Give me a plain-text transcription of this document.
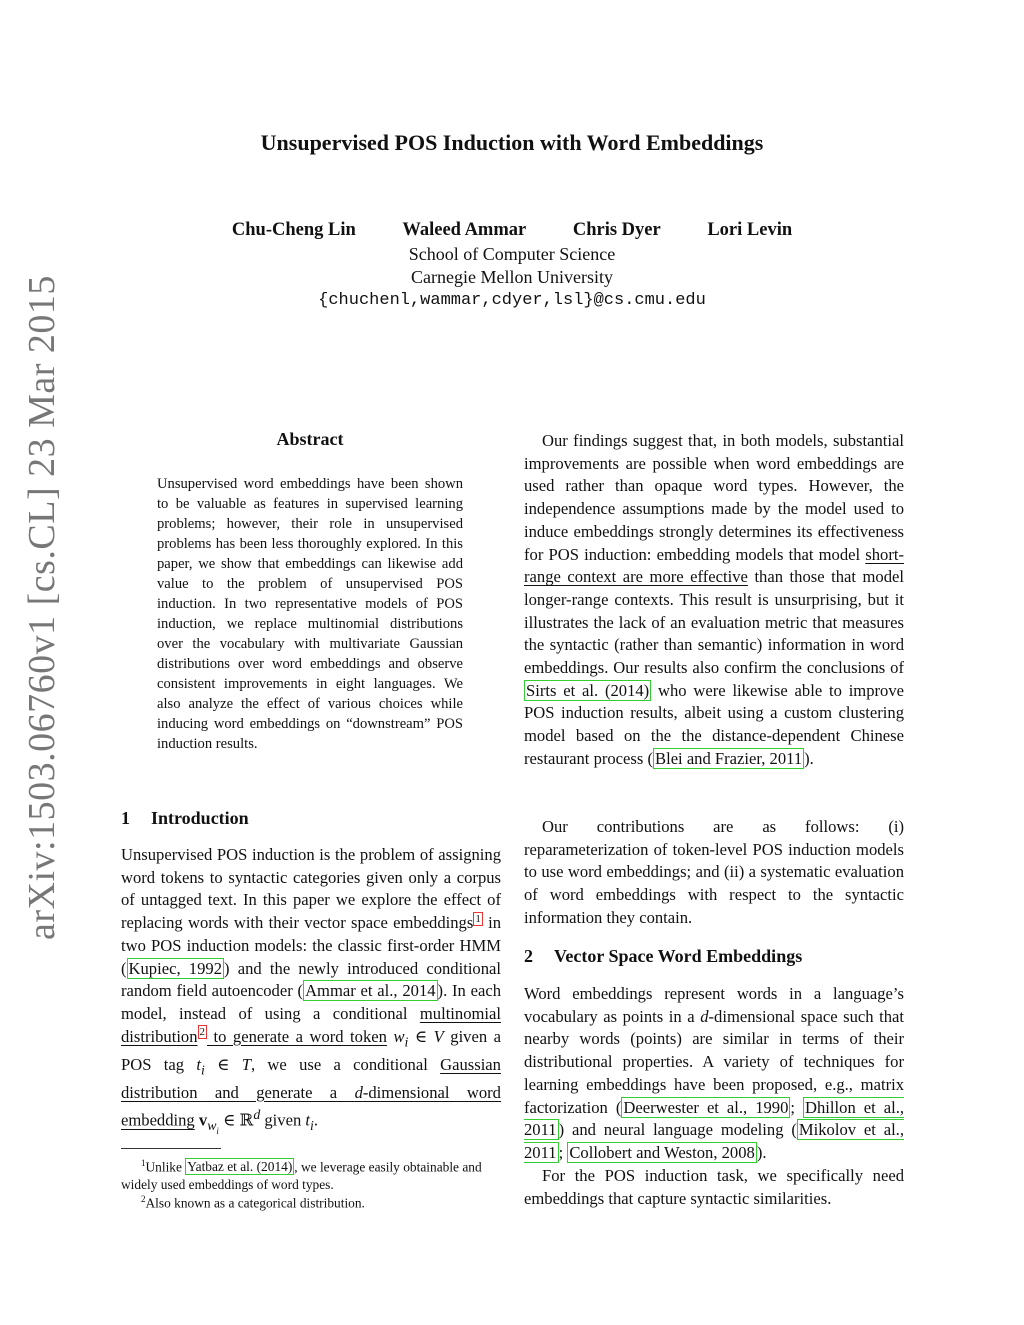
Unsupervised POS Induction with Word Embeddings
Chu-Cheng Lin	Waleed Ammar	Chris Dyer	Lori Levin
School of Computer Science
Carnegie Mellon University
{chuchenl,wammar,cdyer,lsl}@cs.cmu.edu
arXiv:1503.06760v1 [cs.CL] 23 Mar 2015	Abstract

Unsupervised word embeddings have been shown to be valuable as features in supervised learning problems; however, their role in unsupervised problems has been less thoroughly explored. In this paper, we show that embeddings can likewise add value to the problem of unsupervised POS induction. In two representative models of POS induction, we replace multinomial distributions over the vocabulary with multivariate Gaussian distributions over word embeddings and observe consistent improvements in eight languages. We also analyze the effect of various choices while inducing word embeddings on “downstream” POS induction results.

1 Introduction

Unsupervised POS induction is the problem of assigning word tokens to syntactic categories given only a corpus of untagged text. In this paper we explore the effect of replacing words with their vector space embeddings $^1$ in two POS induction models: the classic first-order HMM ( Kupiec, 1992 ) and the newly introduced conditional random field autoencoder ( Ammar et al., 2014 ). In each model, instead of using a conditional multinomial distribution $^2$ to generate a word token $w_i$ ∈ V given a POS tag $t_i$ ∈ T, we use a conditional Gaussian distribution and generate a d-dimensional word embedding $v_{w_i}$ ∈ ℝ$^d$ given $t_i$.

$^1$Unlike Yatbaz et al. (2014) , we leverage easily obtainable and widely used embeddings of word types.

$^2$Also known as a categorical distribution.

Our findings suggest that, in both models, substantial improvements are possible when word embeddings are used rather than opaque word types. However, the independence assumptions made by the model used to induce embeddings strongly determines its effectiveness for POS induction: embedding models that model short-range context are more effective than those that model longer-range contexts. This result is unsurprising, but it illustrates the lack of an evaluation metric that measures the syntactic (rather than semantic) information in word embeddings. Our results also confirm the conclusions of Sirts et al. (2014) who were likewise able to improve POS induction results, albeit using a custom clustering model based on the the distance-dependent Chinese restaurant process ( Blei and Frazier, 2011 ).

Our contributions are as follows: (i) reparameterization of token-level POS induction models to use word embeddings; and (ii) a systematic evaluation of word embeddings with respect to the syntactic information they contain.

2 Vector Space Word Embeddings

Word embeddings represent words in a language’s vocabulary as points in a d-dimensional space such that nearby words (points) are similar in terms of their distributional properties. A variety of techniques for learning embeddings have been proposed, e.g., matrix factorization ( Deerwester et al., 1990 ; Dhillon et al., 2011 ) and neural language modeling ( Mikolov et al., 2011 ; Collobert and Weston, 2008 ).

For the POS induction task, we specifically need embeddings that capture syntactic similarities.
